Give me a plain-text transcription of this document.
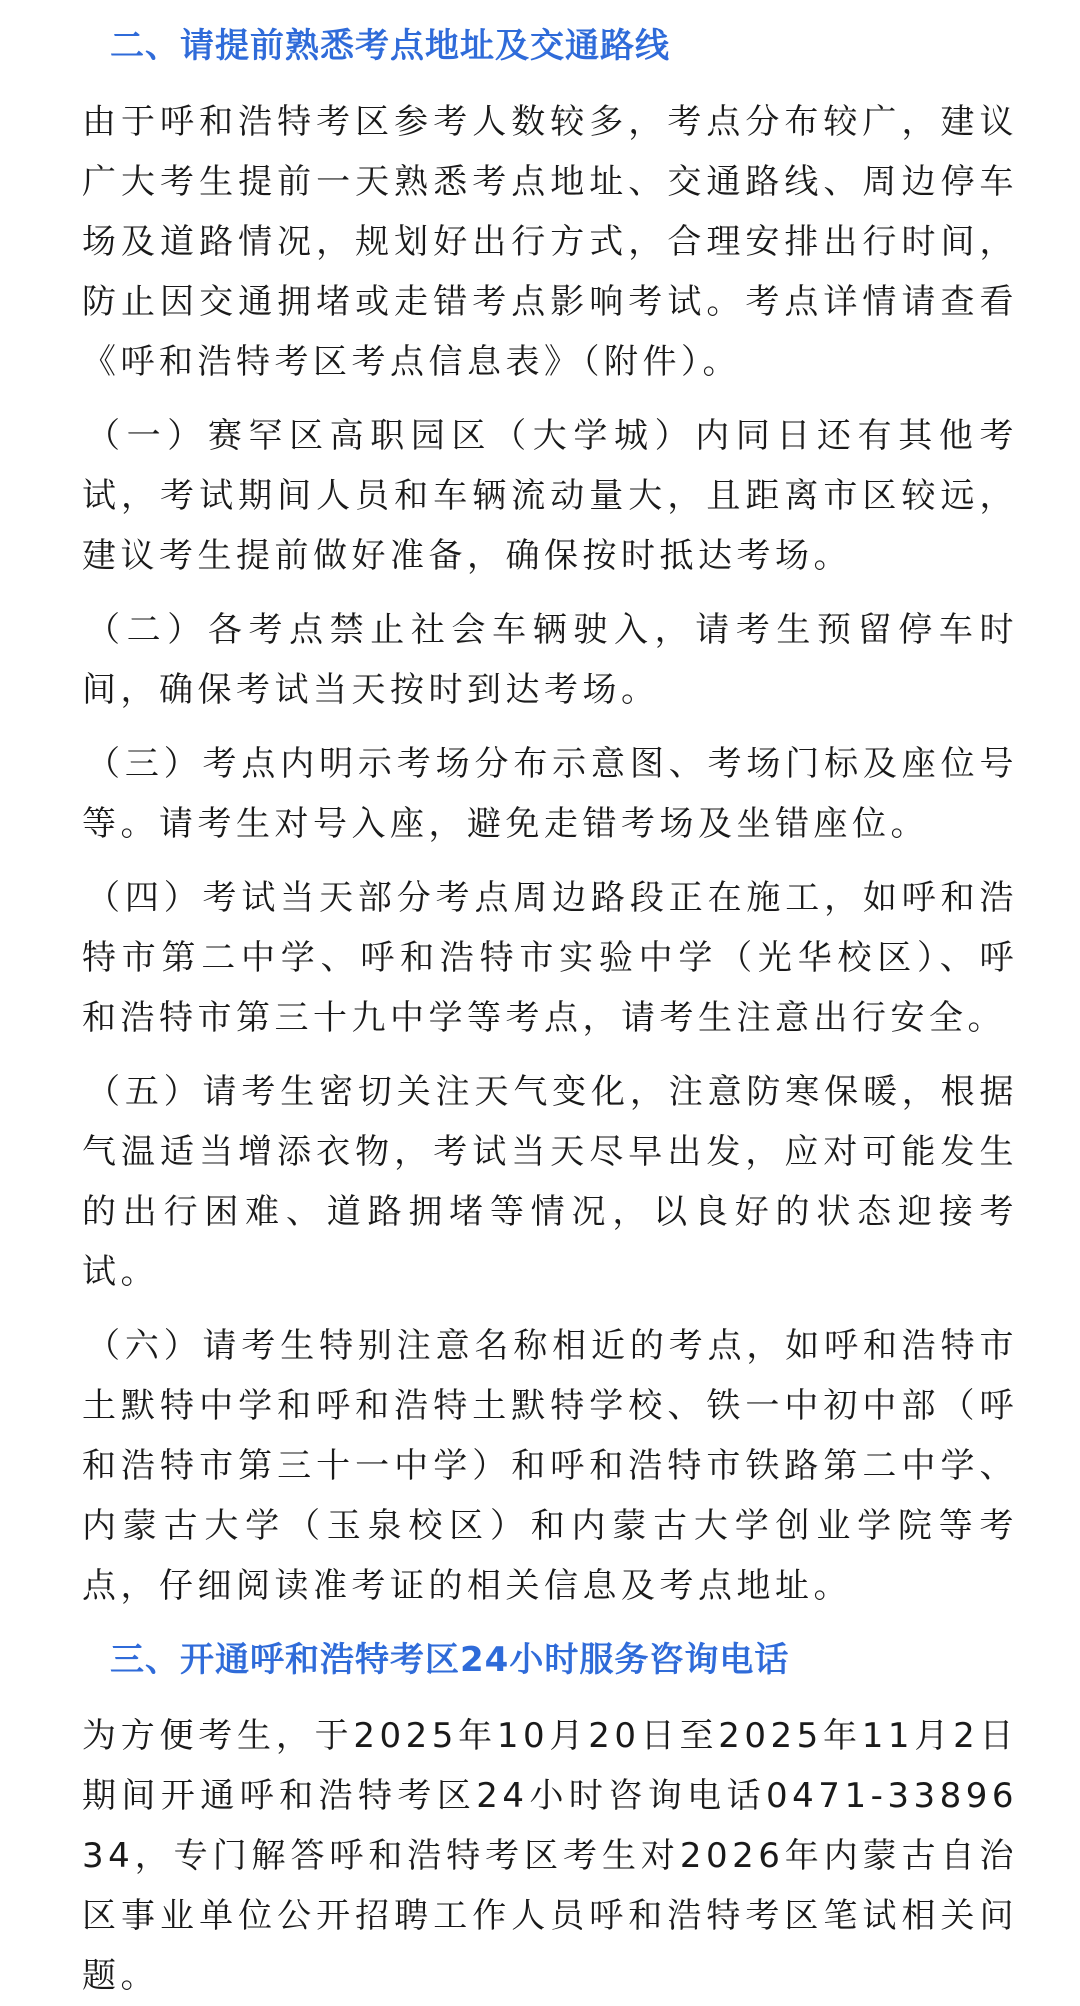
二、请提前熟悉考点地址及交通路线

由于呼和浩特考区参考人数较多，考点分布较广，建议广大考生提前一天熟悉考点地址、交通路线、周边停车场及道路情况，规划好出行方式，合理安排出行时间，防止因交通拥堵或走错考点影响考试。考点详情请查看《呼和浩特考区考点信息表》（附件）。

（一）赛罕区高职园区（大学城）内同日还有其他考试，考试期间人员和车辆流动量大，且距离市区较远，建议考生提前做好准备，确保按时抵达考场。

（二）各考点禁止社会车辆驶入，请考生预留停车时间，确保考试当天按时到达考场。

（三）考点内明示考场分布示意图、考场门标及座位号等。请考生对号入座，避免走错考场及坐错座位。

（四）考试当天部分考点周边路段正在施工，如呼和浩特市第二中学、呼和浩特市实验中学（光华校区）、呼和浩特市第三十九中学等考点，请考生注意出行安全。

（五）请考生密切关注天气变化，注意防寒保暖，根据气温适当增添衣物，考试当天尽早出发，应对可能发生的出行困难、道路拥堵等情况，以良好的状态迎接考试。

（六）请考生特别注意名称相近的考点，如呼和浩特市土默特中学和呼和浩特土默特学校、铁一中初中部（呼和浩特市第三十一中学）和呼和浩特市铁路第二中学、内蒙古大学（玉泉校区）和内蒙古大学创业学院等考点，仔细阅读准考证的相关信息及考点地址。

三、开通呼和浩特考区24小时服务咨询电话

为方便考生，于2025年10月20日至2025年11月2日期间开通呼和浩特考区24小时咨询电话0471-3389634，专门解答呼和浩特考区考生对2026年内蒙古自治区事业单位公开招聘工作人员呼和浩特考区笔试相关问题。
